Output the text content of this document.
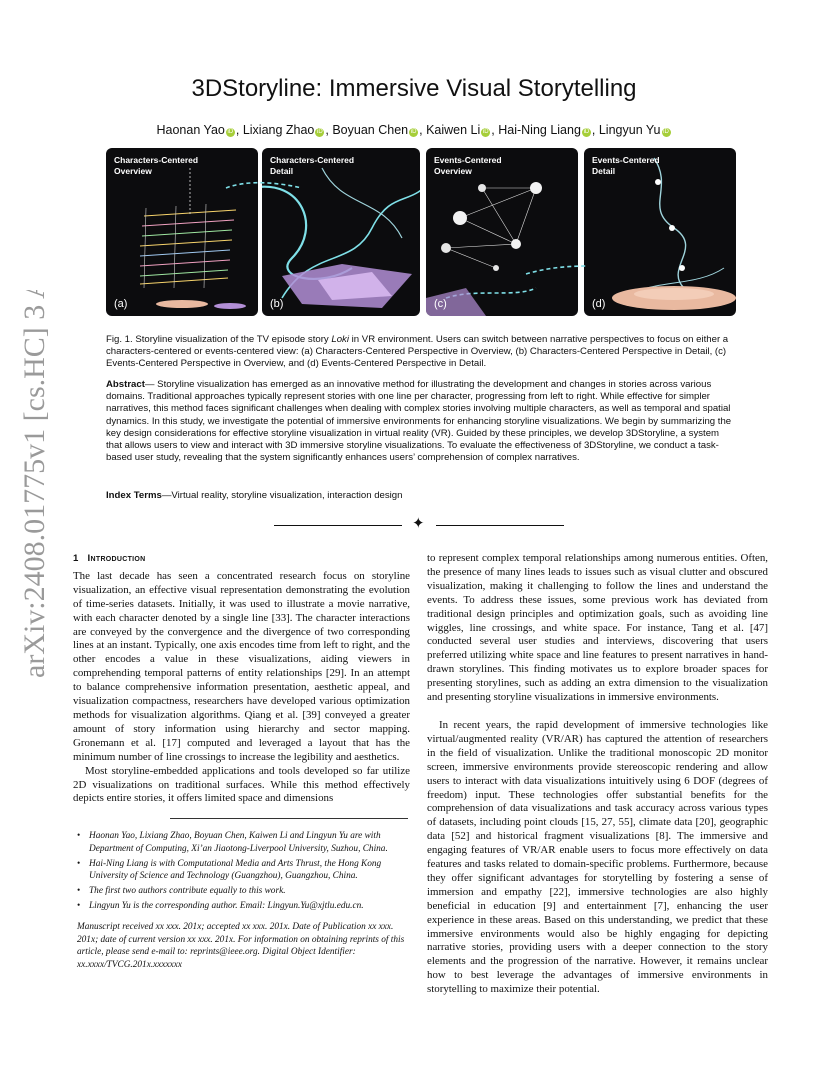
arXiv:2408.01775v1 [cs.HC] 3 Aug 2024
3DStoryline: Immersive Visual Storytelling
Haonan Yao iD , Lixiang Zhao iD , Boyuan Chen iD , Kaiwen Li iD , Hai-Ning Liang iD , Lingyun Yu iD
Characters-Centered
Overview
(a)
Characters-Centered
Detail
(b)
Events-Centered
Overview
(c)
Events-Centered
Detail
(d)
Fig. 1. Storyline visualization of the TV episode story Loki in VR environment. Users can switch between narrative perspectives to focus on either a characters-centered or events-centered view: (a) Characters-Centered Perspective in Overview, (b) Characters-Centered Perspective in Detail, (c) Events-Centered Perspective in Overview, and (d) Events-Centered Perspective in Detail.
Abstract— Storyline visualization has emerged as an innovative method for illustrating the development and changes in stories across various domains. Traditional approaches typically represent stories with one line per character, progressing from left to right. While effective for simpler narratives, this method faces significant challenges when dealing with complex stories involving multiple characters, as well as temporal and spatial dynamics. In this study, we investigate the potential of immersive environments for enhancing storyline visualizations. We begin by summarizing the key design considerations for effective storyline visualization in virtual reality (VR). Guided by these principles, we develop 3DStoryline, a system that allows users to view and interact with 3D immersive storyline visualizations. To evaluate the effectiveness of 3DStoryline, we conduct a task-based user study, revealing that the system significantly enhances users’ comprehension of complex narratives.
Index Terms—Virtual reality, storyline visualization, interaction design
✦
1 Introduction

The last decade has seen a concentrated research focus on storyline visualization, an effective visual representation demonstrating the evolution of time-series datasets. Initially, it was used to illustrate a movie narrative, with each character denoted by a single line [33]. The character interactions are conveyed by the convergence and the divergence of two corresponding lines at an instant. Typically, one axis encodes time from left to right, and the other encodes a value in these visualizations, aiding viewers in comprehending temporal patterns of entity relationships [29]. In an attempt to balance comprehensive information presentation, aesthetic appeal, and visualization compactness, researchers have developed various optimization methods for visualization algorithms. Qiang et al. [39] conveyed a greater amount of story information using hierarchy and sector mapping. Gronemann et al. [17] computed and leveraged a layout that has the minimum number of line crossings to increase the legibility and aesthetics.

Most storyline-embedded applications and tools developed so far utilize 2D visualizations on traditional surfaces. While this method effectively depicts entire stories, it offers limited space and dimensions

• Haonan Yao, Lixiang Zhao, Boyuan Chen, Kaiwen Li and Lingyun Yu are with Department of Computing, Xi’an Jiaotong-Liverpool University, Suzhou, China.
• Hai-Ning Liang is with Computational Media and Arts Thrust, the Hong Kong University of Science and Technology (Guangzhou), Guangzhou, China.
• The first two authors contribute equally to this work.
• Lingyun Yu is the corresponding author. Email: Lingyun.Yu@xjtlu.edu.cn.
Manuscript received xx xxx. 201x; accepted xx xxx. 201x. Date of Publication xx xxx. 201x; date of current version xx xxx. 201x. For information on obtaining reprints of this article, please send e-mail to: reprints@ieee.org. Digital Object Identifier: xx.xxxx/TVCG.201x.xxxxxxx

to represent complex temporal relationships among numerous entities. Often, the presence of many lines leads to issues such as visual clutter and obscured visualization, making it challenging to follow the lines and understand the events. To address these issues, some previous work has deviated from traditional design principles and optimization goals, such as avoiding line wiggles, line crossings, and white space. For instance, Tang et al. [47] conducted several user studies and interviews, discovering that users preferred utilizing white space and line features to present narratives in hand-drawn storylines. This finding motivates us to explore broader spaces for presenting storylines, such as adding an extra dimension to the visualization and presenting storyline visualizations in immersive environments.

In recent years, the rapid development of immersive technologies like virtual/augmented reality (VR/AR) has captured the attention of researchers in the field of visualization. Unlike the traditional monoscopic 2D monitor screen, immersive environments provide stereoscopic rendering and allow users to interact with data visualizations intuitively using 6 DOF (degrees of freedom) input. These technologies offer substantial benefits for the comprehension of data visualizations and task accuracy across various types of datasets, including point clouds [15, 27, 55], climate data [20], geographic data [52] and historical fragment visualizations [8]. The immersive and engaging features of VR/AR enable users to focus more effectively on data features and tasks related to domain-specific problems. Furthermore, because they offer significant advantages for storytelling by fostering a sense of immersion and empathy [22], immersive technologies are also highly beneficial in education [9] and entertainment [7], enhancing the user experience in these areas. Based on this understanding, we predict that these immersive environments would also be highly engaging for depicting narrative stories, providing users with a deeper connection to the story elements and the progression of the narrative. However, it remains unclear how to best leverage the advantages of immersive environments in storytelling to maximize their potential.
